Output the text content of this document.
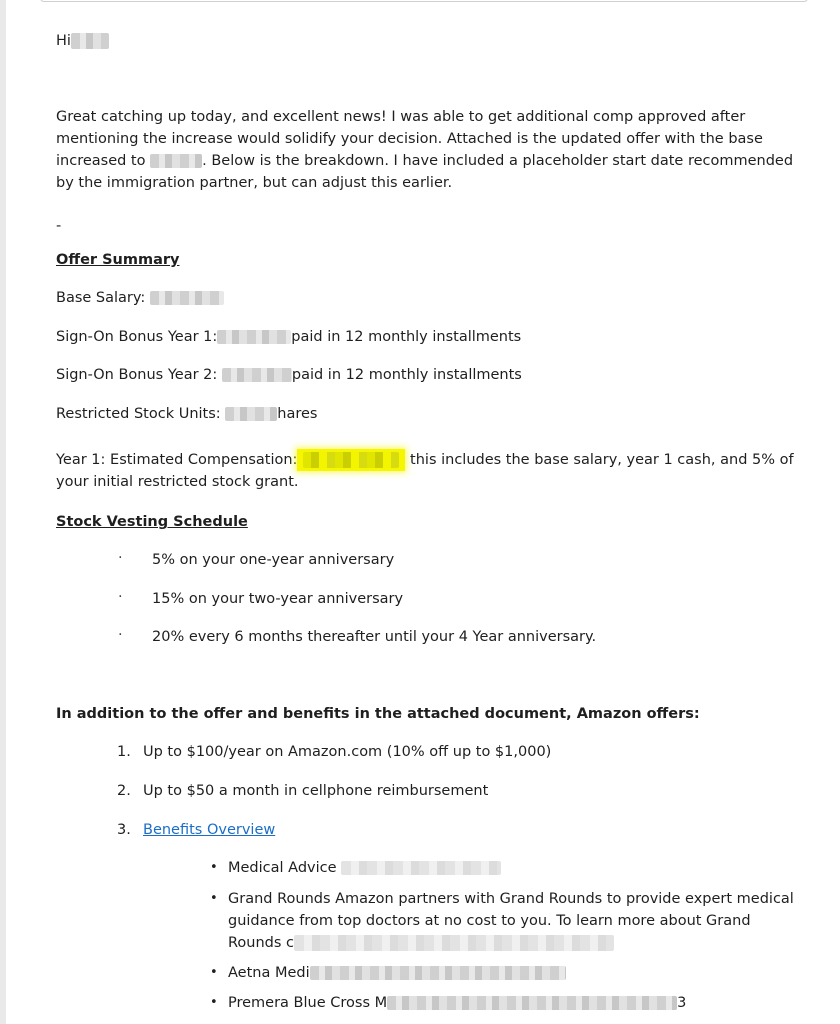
Hi
Great catching up today, and excellent news! I was able to get additional comp approved after mentioning the increase would solidify your decision. Attached is the updated offer with the base increased to	. Below is the breakdown. I have included a placeholder start date recommended by the immigration partner, but can adjust this earlier.
-
Offer Summary
Base Salary:
Sign-On Bonus Year 1:	paid in 12 monthly installments
Sign-On Bonus Year 2:	paid in 12 monthly installments
Restricted Stock Units:	hares
Year 1: Estimated Compensation:	this includes the base salary, year 1 cash, and 5% of
your initial restricted stock grant.
Stock Vesting Schedule
· 5% on your one-year anniversary
· 15% on your two-year anniversary
· 20% every 6 months thereafter until your 4 Year anniversary.
In addition to the offer and benefits in the attached document, Amazon offers:
1. Up to $100/year on Amazon.com (10% off up to $1,000)
2. Up to $50 a month in cellphone reimbursement
3. Benefits Overview
• Medical Advice
• Grand Rounds Amazon partners with Grand Rounds to provide expert medical
guidance from top doctors at no cost to you. To learn more about Grand
Rounds c
• Aetna Medi
• Premera Blue Cross M	3
